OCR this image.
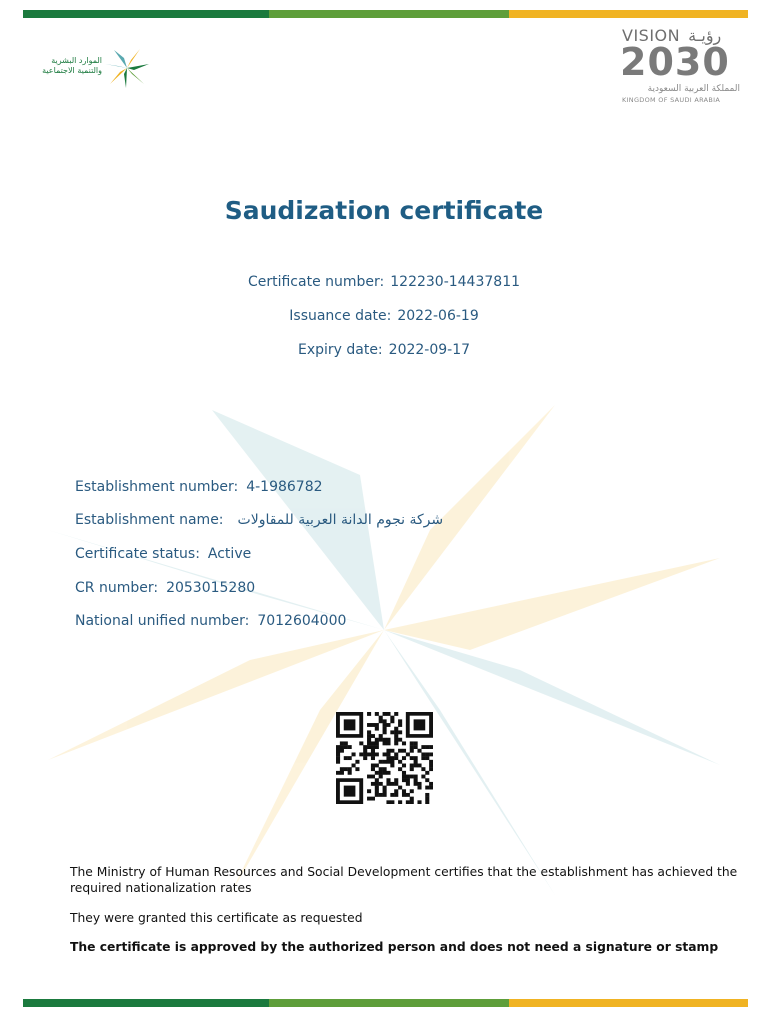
الموارد البشرية
والتنمية الاجتماعية
VISION رؤيـة
2030
المملكة العربية السعودية
KINGDOM OF SAUDI ARABIA
Saudization certificate
Certificate number: 122230-14437811
Issuance date: 2022-06-19
Expiry date: 2022-09-17
Establishment number: 4-1986782
Establishment name: شركة نجوم الدانة العربية للمقاولات
Certificate status: Active
CR number: 2053015280
National unified number: 7012604000
The Ministry of Human Resources and Social Development certifies that the establishment has achieved the required nationalization rates
They were granted this certificate as requested
The certificate is approved by the authorized person and does not need a signature or stamp
